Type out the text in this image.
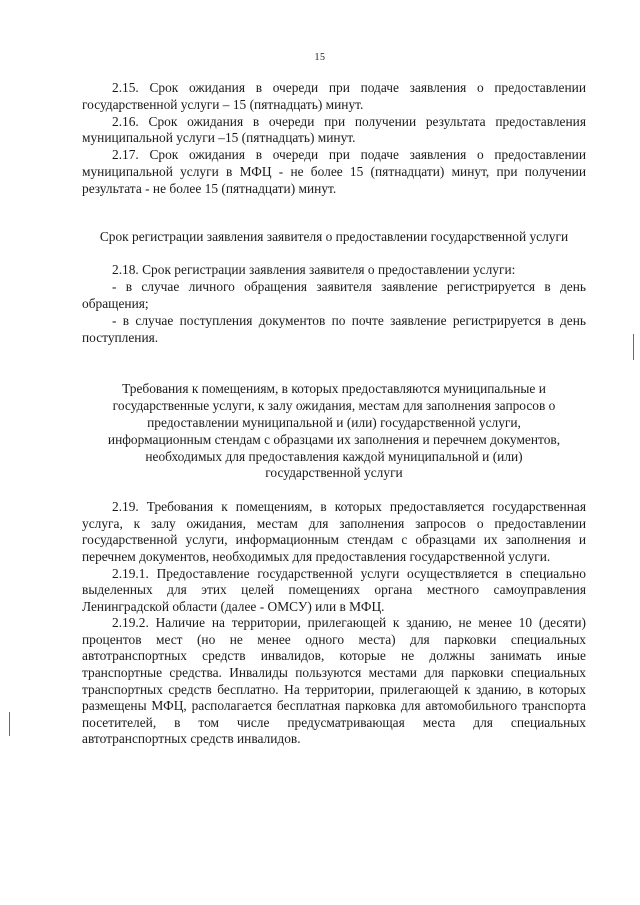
15

2.15. Срок ожидания в очереди при подаче заявления о предоставлении государственной услуги – 15 (пятнадцать) минут.

2.16. Срок ожидания в очереди при получении результата предоставления муниципальной услуги –15 (пятнадцать) минут.

2.17. Срок ожидания в очереди при подаче заявления о предоставлении муниципальной услуги в МФЦ - не более 15 (пятнадцати) минут, при получении результата - не более 15 (пятнадцати) минут.

Срок регистрации заявления заявителя о предоставлении государственной услуги

2.18. Срок регистрации заявления заявителя о предоставлении услуги:

- в случае личного обращения заявителя заявление регистрируется в день обращения;

- в случае поступления документов по почте заявление регистрируется в день поступления.

Требования к помещениям, в которых предоставляются муниципальные и государственные услуги, к залу ожидания, местам для заполнения запросов о предоставлении муниципальной и (или) государственной услуги, информационным стендам с образцами их заполнения и перечнем документов, необходимых для предоставления каждой муниципальной и (или) государственной услуги

2.19. Требования к помещениям, в которых предоставляется государственная услуга, к залу ожидания, местам для заполнения запросов о предоставлении государственной услуги, информационным стендам с образцами их заполнения и перечнем документов, необходимых для предоставления государственной услуги.

2.19.1. Предоставление государственной услуги осуществляется в специально выделенных для этих целей помещениях органа местного самоуправления Ленинградской области (далее - ОМСУ) или в МФЦ.

2.19.2. Наличие на территории, прилегающей к зданию, не менее 10 (десяти) процентов мест (но не менее одного места) для парковки специальных автотранспортных средств инвалидов, которые не должны занимать иные транспортные средства. Инвалиды пользуются местами для парковки специальных транспортных средств бесплатно. На территории, прилегающей к зданию, в которых размещены МФЦ, располагается бесплатная парковка для автомобильного транспорта посетителей, в том числе предусматривающая места для специальных автотранспортных средств инвалидов.
